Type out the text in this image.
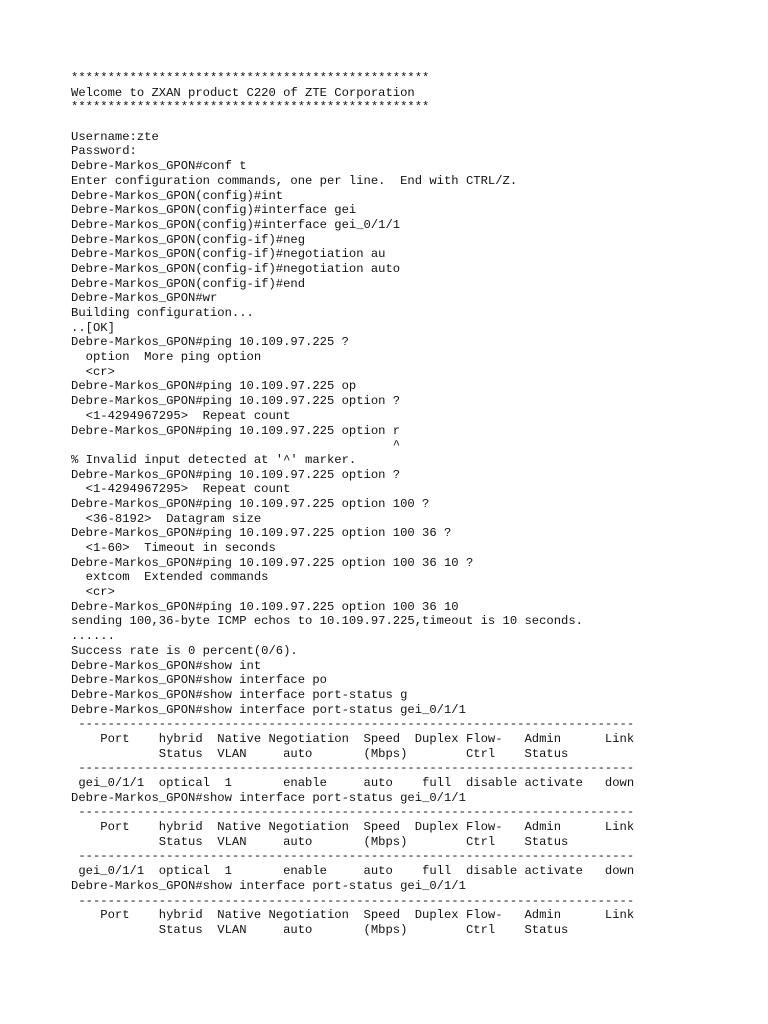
*************************************************
Welcome to ZXAN product C220 of ZTE Corporation
*************************************************
Username:zte
Password:
Debre-Markos_GPON#conf t
Enter configuration commands, one per line.  End with CTRL/Z.
Debre-Markos_GPON(config)#int
Debre-Markos_GPON(config)#interface gei
Debre-Markos_GPON(config)#interface gei_0/1/1
Debre-Markos_GPON(config-if)#neg
Debre-Markos_GPON(config-if)#negotiation au
Debre-Markos_GPON(config-if)#negotiation auto
Debre-Markos_GPON(config-if)#end
Debre-Markos_GPON#wr
Building configuration...
..[OK]
Debre-Markos_GPON#ping 10.109.97.225 ?
option  More ping option
<cr>
Debre-Markos_GPON#ping 10.109.97.225 op
Debre-Markos_GPON#ping 10.109.97.225 option ?
<1-4294967295>  Repeat count
Debre-Markos_GPON#ping 10.109.97.225 option r
^
% Invalid input detected at '^' marker.
Debre-Markos_GPON#ping 10.109.97.225 option ?
<1-4294967295>  Repeat count
Debre-Markos_GPON#ping 10.109.97.225 option 100 ?
<36-8192>  Datagram size
Debre-Markos_GPON#ping 10.109.97.225 option 100 36 ?
<1-60>  Timeout in seconds
Debre-Markos_GPON#ping 10.109.97.225 option 100 36 10 ?
extcom  Extended commands
<cr>
Debre-Markos_GPON#ping 10.109.97.225 option 100 36 10
sending 100,36-byte ICMP echos to 10.109.97.225,timeout is 10 seconds.
......
Success rate is 0 percent(0/6).
Debre-Markos_GPON#show int
Debre-Markos_GPON#show interface po
Debre-Markos_GPON#show interface port-status g
Debre-Markos_GPON#show interface port-status gei_0/1/1
----------------------------------------------------------------------------
Port    hybrid  Native Negotiation  Speed  Duplex Flow-   Admin      Link
Status  VLAN     auto       (Mbps)        Ctrl    Status
----------------------------------------------------------------------------
gei_0/1/1  optical  1       enable     auto    full  disable activate   down
Debre-Markos_GPON#show interface port-status gei_0/1/1
----------------------------------------------------------------------------
Port    hybrid  Native Negotiation  Speed  Duplex Flow-   Admin      Link
Status  VLAN     auto       (Mbps)        Ctrl    Status
----------------------------------------------------------------------------
gei_0/1/1  optical  1       enable     auto    full  disable activate   down
Debre-Markos_GPON#show interface port-status gei_0/1/1
----------------------------------------------------------------------------
Port    hybrid  Native Negotiation  Speed  Duplex Flow-   Admin      Link
Status  VLAN     auto       (Mbps)        Ctrl    Status
